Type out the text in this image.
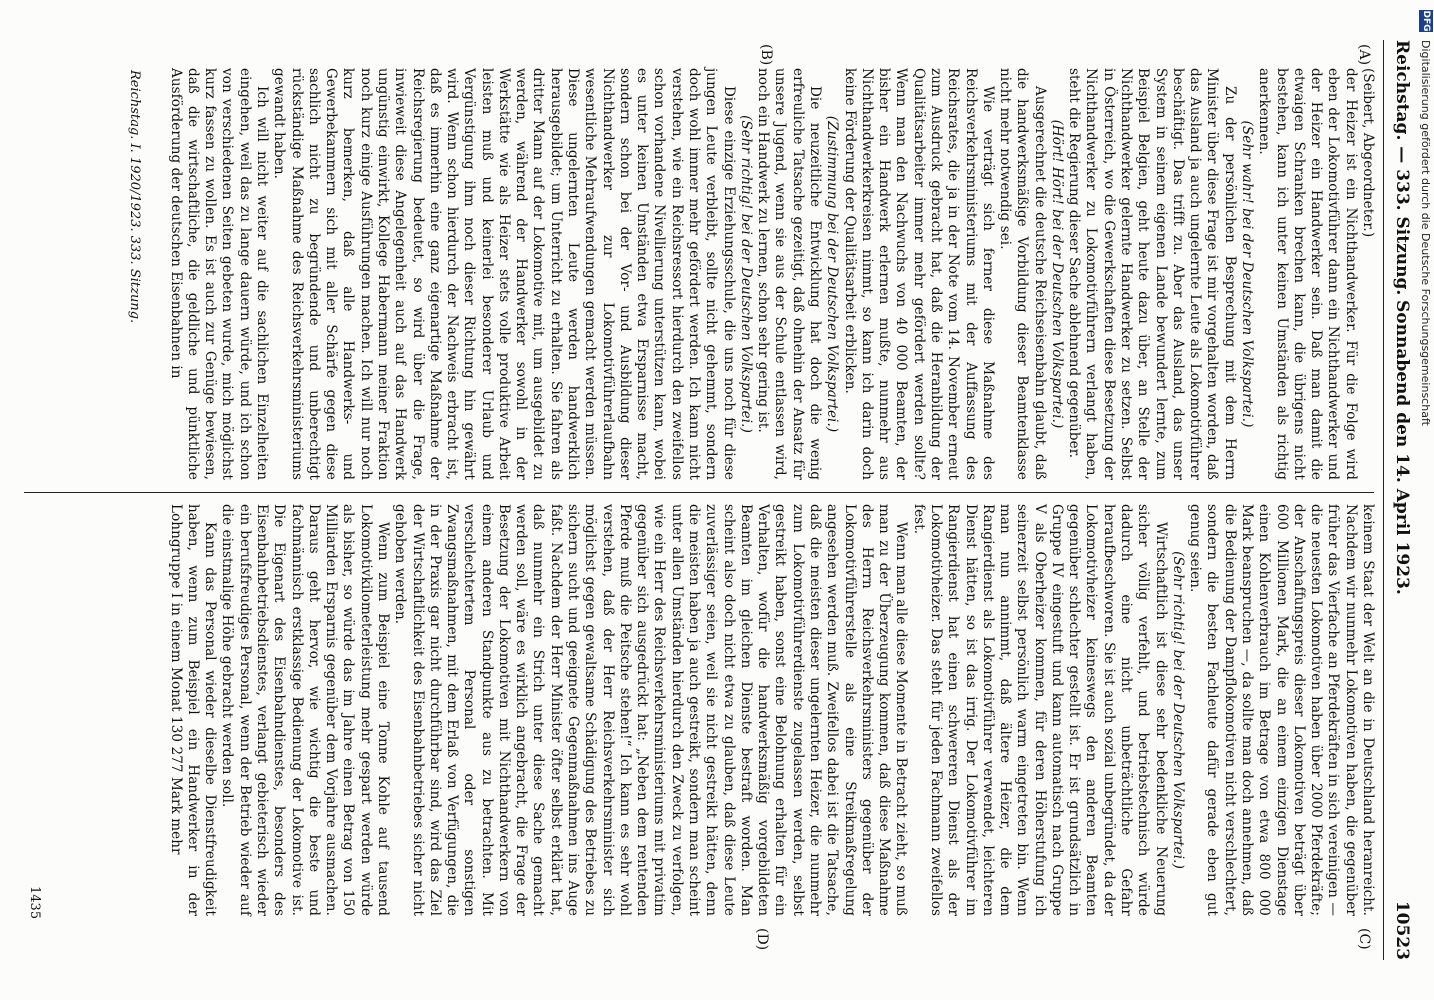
DFG
Digitalisierung gefördert durch die Deutsche Forschungsgemeinschaft
Reichstag. — 333. Sitzung.
Sonnabend den 14. April 1923.
10523
(A)
(B)
(C)
(D)

(Seibert, Abgeordneter.)

der Heizer ist ein Nichthandwerker. Für die Folge wird eben der Lokomotivführer dann ein Nichthandwerker und der Heizer ein Handwerker sein. Daß man damit die etwaigen Schranken brechen kann, die übrigens nicht bestehen, kann ich unter keinen Umständen als richtig anerkennen.

(Sehr wahr! bei der Deutschen Volkspartei.)

Zu der persönlichen Besprechung mit dem Herrn Minister über diese Frage ist mir vorgehalten worden, daß das Ausland ja auch ungelernte Leute als Lokomotivführer beschäftigt. Das trifft zu. Aber das Ausland, das unser System in seinem eigenen Lande bewundert lernte, zum Beispiel Belgien, geht heute dazu über, an Stelle der Nichthandwerker gelernte Handwerker zu setzen. Selbst in Österreich, wo die Gewerkschaften diese Besetzung der Nichthandwerker zu Lokomotivführern verlangt haben, steht die Regierung dieser Sache ablehnend gegenüber.

(Hört! Hört! bei der Deutschen Volkspartei.)

Ausgerechnet die deutsche Reichseisenbahn glaubt, daß die handwerksmäßige Vorbildung dieser Beamtenklasse nicht mehr notwendig sei.

Wie verträgt sich ferner diese Maßnahme des Reichsverkehrsministeriums mit der Auffassung des Reichsrates, die ja in der Note vom 14. November erneut zum Ausdruck gebracht hat, daß die Heranbildung der Qualitätsarbeiter immer mehr gefördert werden sollte? Wenn man den Nachwuchs von 40 000 Beamten, der bisher ein Handwerk erlernen mußte, nunmehr aus Nichthandwerkerkreisen nimmt, so kann ich darin doch keine Förderung der Qualitätsarbeit erblicken.

(Zustimmung bei der Deutschen Volkspartei.)

Die neuzeitliche Entwicklung hat doch die wenig erfreuliche Tatsache gezeitigt, daß ohnehin der Ansatz für unsere Jugend, wenn sie aus der Schule entlassen wird, noch ein Handwerk zu lernen, schon sehr gering ist.

(Sehr richtig! bei der Deutschen Volkspartei.)

Diese einzige Erziehungsschule, die uns noch für diese jungen Leute verbleibt, sollte nicht gehemmt, sondern doch wohl immer mehr gefördert werden. Ich kann nicht verstehen, wie ein Reichsressort hierdurch den zweifellos schon vorhandene Nivellierung unterstützen kann, wobei es unter keinen Umständen etwa Ersparnisse macht, sondern schon bei der Vor- und Ausbildung dieser Nichthandwerker zur Lokomotivführerlaufbahn wesentliche Mehraufwendungen gemacht werden müssen. Diese ungelernten Leute werden handwerklich herausgebildet; um Unterricht zu erhalten. Sie fahren als dritter Mann auf der Lokomotive mit, um ausgebildet zu werden, während der Handwerker sowohl in der Werkstätte wie als Heizer stets volle produktive Arbeit leisten muß und keinerlei besonderer Urlaub und Vergünstigung ihm noch dieser Richtung hin gewährt wird. Wenn schon hierdurch der Nachweis erbracht ist, daß es immerhin eine ganz eigenartige Maßnahme der Reichsregierung bedeutet, so wird über die Frage, inwieweit diese Angelegenheit auch auf das Handwerk ungünstig einwirkt, Kollege Habermann meiner Fraktion noch kurz einige Ausführungen machen. Ich will nur noch kurz bemerken, daß alle Handwerks- und Gewerbekammern sich mit aller Schärfe gegen diese sachlich nicht zu begründende und unberechtigt rückständige Maßnahme des Reichsverkehrsministeriums gewandt haben.

Ich will nicht weiter auf die sachlichen Einzelheiten eingehen, weil das zu lange dauern würde, und ich schon von verschiedenen Seiten gebeten wurde, mich möglichst kurz fassen zu wollen. Es ist auch zur Genüge bewiesen, daß die wirtschaftliche, die geldliche und pünktliche Ausförderung der deutschen Eisenbahnen in

keinem Staat der Welt an die in Deutschland heranreicht. Nachdem wir nunmehr Lokomotiven haben, die gegenüber früher das Vierfache an Pferdekräften in sich vereinigen — die neuesten Lokomotiven haben über 2000 Pferdekräfte; der Anschaffungspreis dieser Lokomotiven beträgt über 600 Millionen Mark, die an einem einzigen Dienstage einen Kohlenverbrauch im Betrage von etwa 800 000 Mark beanspruchen —, da sollte man doch annehmen, daß die Bedienung der Dampflokomotiven nicht verschlechtert, sondern die besten Fachleute dafür gerade eben gut genug seien.

(Sehr richtig! bei der Deutschen Volkspartei.)

Wirtschaftlich ist diese sehr bedenkliche Neuerung sicher völlig verfehlt, und betriebstechnisch würde dadurch eine nicht unbeträchtliche Gefahr heraufbeschworen. Sie ist auch sozial unbegründet, da der Lokomotivheizer keineswegs den anderen Beamten gegenüber schlechter gestellt ist. Er ist grundsätzlich in Gruppe IV eingestuft und kann automatisch nach Gruppe V als Oberheizer kommen, für deren Höherstufung ich seinerzeit selbst persönlich warm eingetreten bin. Wenn man nun annimmt, daß ältere Heizer, die dem Rangierdienst als Lokomotivführer verwendet, leichteren Dienst hätten, so ist das irrig. Der Lokomotivführer im Rangierdienst hat einen schwereren Dienst als der Lokomotivheizer. Das steht für jeden Fachmann zweifellos fest.

Wenn man alle diese Momente in Betracht zieht, so muß man zu der Überzeugung kommen, daß diese Maßnahme des Herrn Reichsverkehrsministers gegenüber der Lokomotivführerstelle als eine Streikmaßregelung angesehen werden muß. Zweifellos dabei ist die Tatsache, daß die meisten dieser ungelernten Heizer, die nunmehr zum Lokomotivführerdienste zugelassen werden, selbst gestreikt haben, sonst eine Belohnung erhalten für ein Verhalten, wofür die handwerksmäßig vorgebildeten Beamten im gleichen Dienste bestraft worden. Man scheint also doch nicht etwa zu glauben, daß diese Leute zuverlässiger seien, weil sie nicht gestreikt hätten, denn die meisten haben ja auch gestreikt, sondern man scheint unter allen Umständen hierdurch den Zweck zu verfolgen, wie ein Herr des Reichsverkehrsministeriums mit privatim gegenüber sich ausgedrückt hat: „Neben dem rentenden Pferde muß die Peitsche stehen!“ Ich kann es sehr wohl verstehen, daß der Herr Reichsverkehrsminister sich möglichst gegen gewaltsame Schädigung des Betriebes zu sichern sucht und geeignete Gegenmaßnahmen ins Auge faßt. Nachdem der Herr Minister öfter selbst erklärt hat, daß nunmehr ein Strich unter diese Sache gemacht werden soll, wäre es wirklich angebracht, die Frage der Besetzung der Lokomotiven mit Nichthandwerkern von einem anderen Standpunkte aus zu betrachten. Mit verschlechtertem Personal oder sonstigen Zwangsmaßnahmen, mit dem Erlaß von Verfügungen, die in der Praxis gar nicht durchführbar sind, wird das Ziel der Wirtschaftlichkeit des Eisenbahnbetriebes sicher nicht gehoben werden.

Wenn zum Beispiel eine Tonne Kohle auf tausend Lokomotivkilometerleistung mehr gespart werden würde als bisher, so würde das im Jahre einen Betrag von 150 Milliarden Ersparnis gegenüber dem Vorjahre ausmachen. Daraus geht hervor, wie wichtig die beste und fachmännisch erstklassige Bedienung der Lokomotive ist. Die Eigenart des Eisenbahndienstes, besonders des Eisenbahnbetriebsdienstes, verlangt gebieterisch wieder ein berufsfreudiges Personal, wenn der Betrieb wieder auf die einstmalige Höhe gebracht werden soll.

Kann das Personal wieder dieselbe Dienstfreudigkeit haben, wenn zum Beispiel ein Handwerker in der Lohngruppe I in einem Monat 130 277 Mark mehr

Reichstag. I. 1920/1923. 333. Sitzung.
1435
